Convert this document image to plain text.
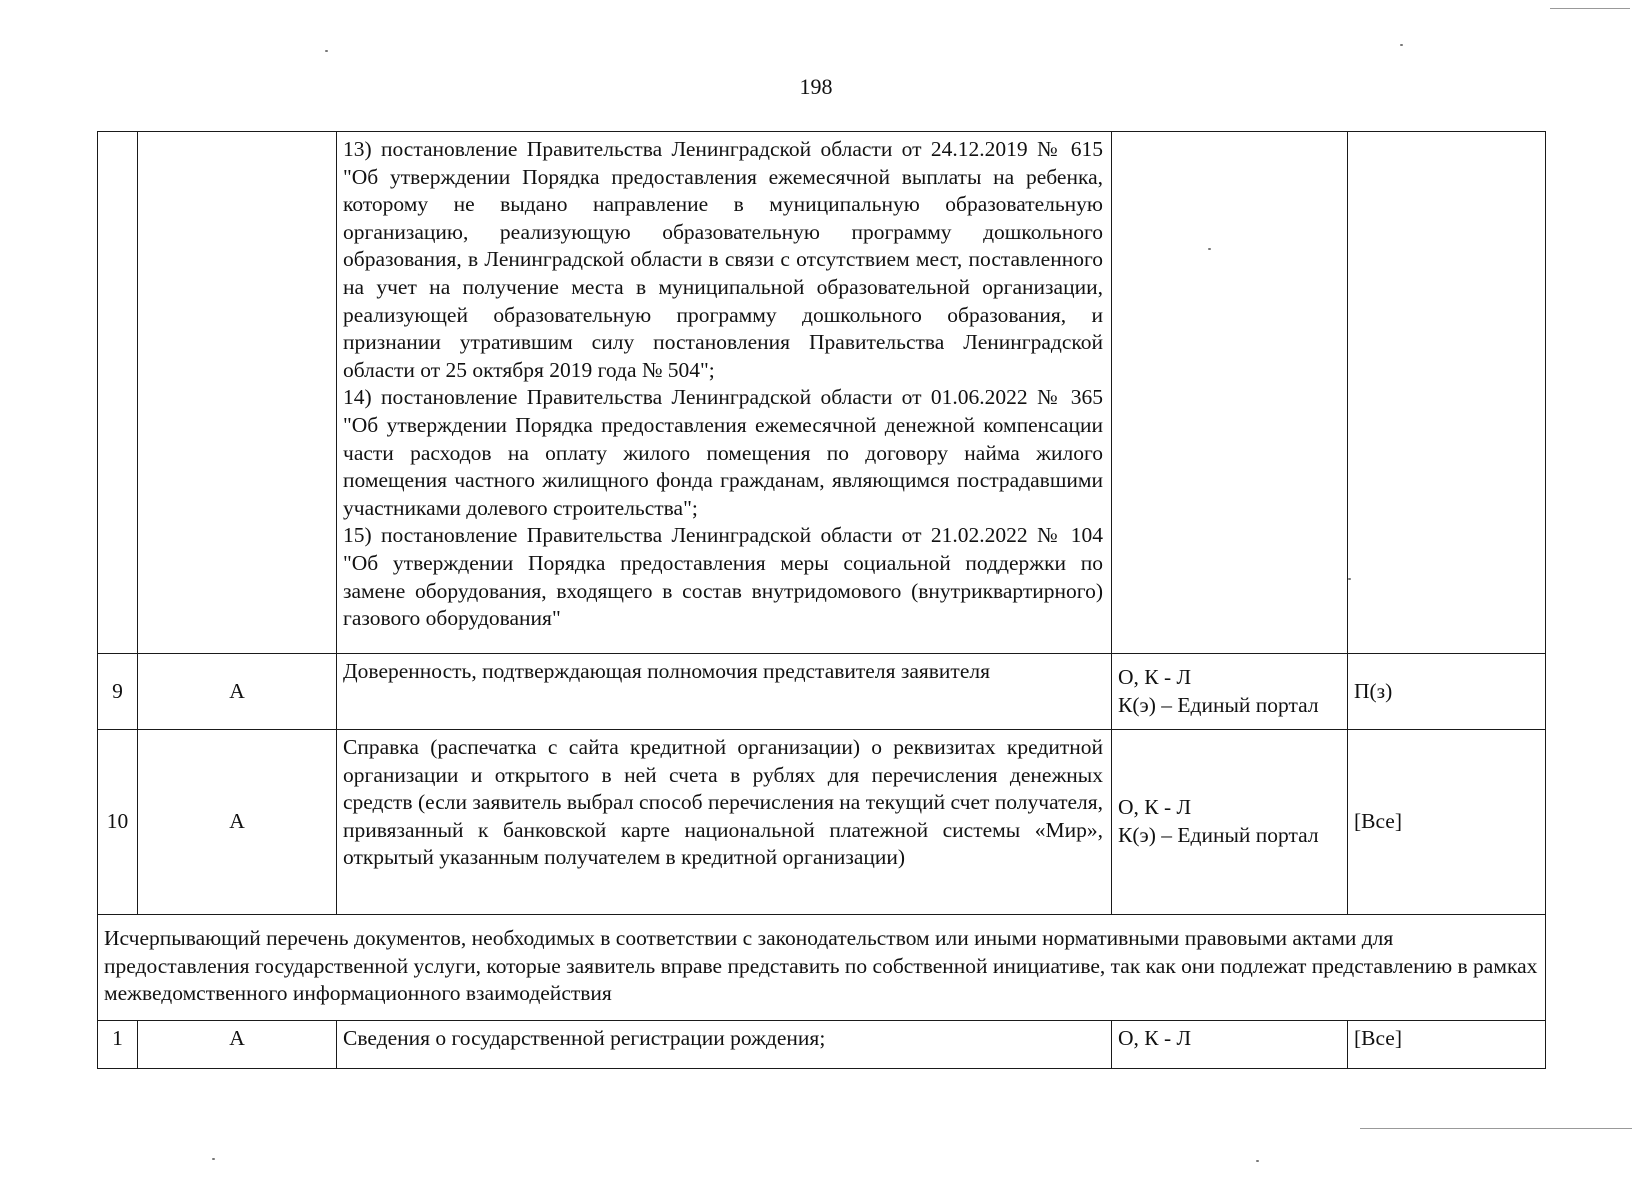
198

		13) постановление Правительства Ленинградской области от 24.12.2019 № 615 "Об утверждении Порядка предоставления ежемесячной выплаты на ребенка, которому не выдано направление в муниципальную образовательную организацию, реализующую образовательную программу дошкольного образования, в Ленинградской области в связи с отсутствием мест, поставленного на учет на получение места в муниципальной образовательной организации, реализующей образовательную программу дошкольного образования, и признании утратившим силу постановления Правительства Ленинградской области от 25 октября 2019 года № 504";
14) постановление Правительства Ленинградской области от 01.06.2022 № 365 "Об утверждении Порядка предоставления ежемесячной денежной компенсации части расходов на оплату жилого помещения по договору найма жилого помещения частного жилищного фонда гражданам, являющимся пострадавшими участниками долевого строительства";
15) постановление Правительства Ленинградской области от 21.02.2022 № 104 "Об утверждении Порядка предоставления меры социальной поддержки по замене оборудования, входящего в состав внутридомового (внутриквартирного) газового оборудования"		

9	А	Доверенность, подтверждающая полномочия представителя заявителя	О, К - Л
К(э) – Единый портал	П(з)
10	А	Справка (распечатка с сайта кредитной организации) о реквизитах кредитной организации и открытого в ней счета в рублях для перечисления денежных средств (если заявитель выбрал способ перечисления на текущий счет получателя, привязанный к банковской карте национальной платежной системы «Мир», открытый указанным получателем в кредитной организации)	О, К - Л
К(э) – Единый портал	[Все]
Исчерпывающий перечень документов, необходимых в соответствии с законодательством или иными нормативными правовыми актами для предоставления государственной услуги, которые заявитель вправе представить по собственной инициативе, так как они подлежат представлению в рамках межведомственного информационного взаимодействия				
1	А	Сведения о государственной регистрации рождения;	О, К - Л	[Все]
